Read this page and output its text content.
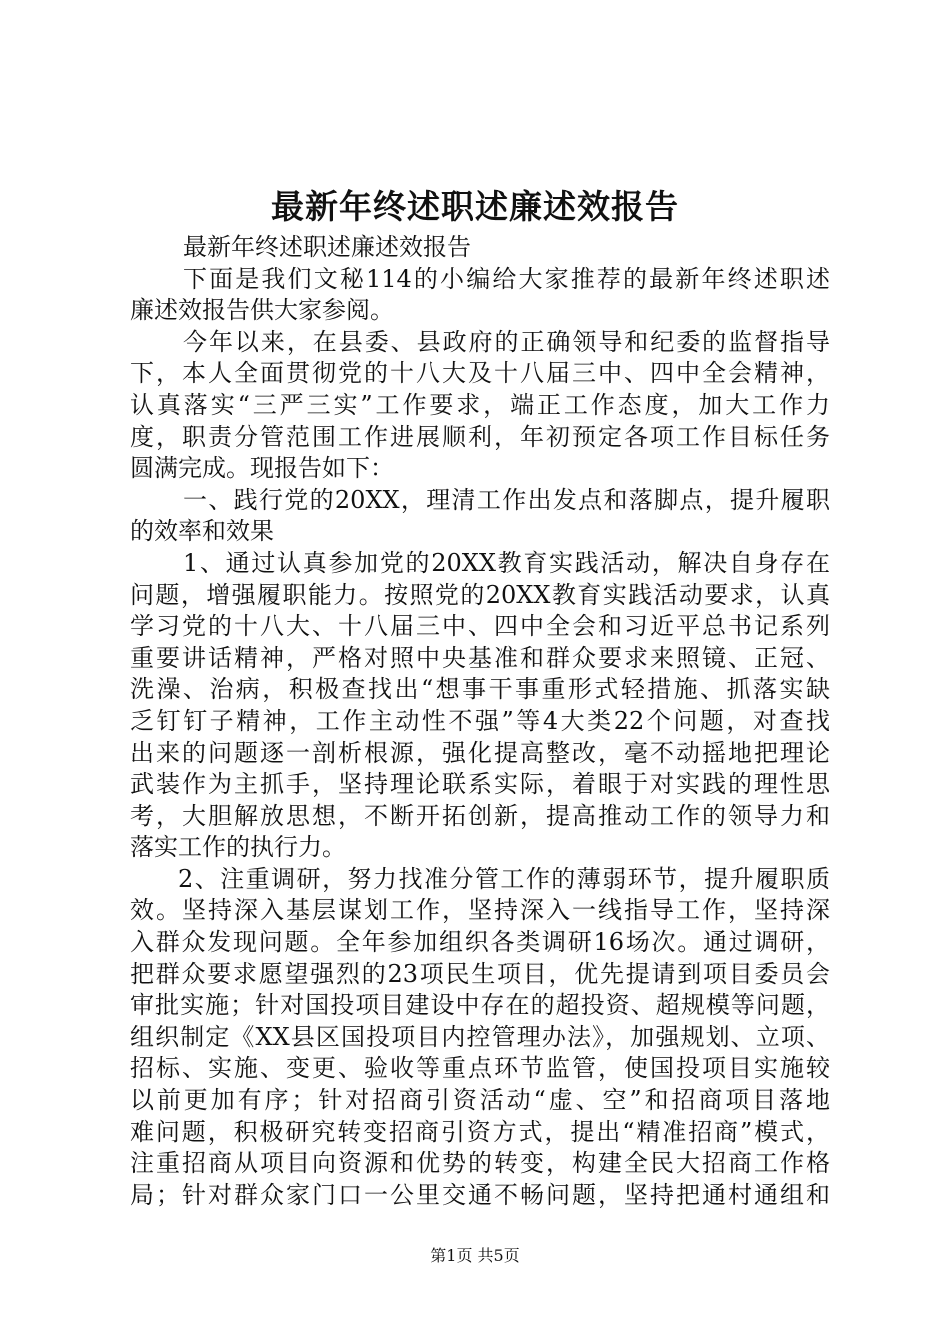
最新年终述职述廉述效报告
最新年终述职述廉述效报告
下面是我们文秘114的小编给大家推荐的最新年终述职述
廉述效报告供大家参阅。
今年以来，在县委、县政府的正确领导和纪委的监督指导
下，本人全面贯彻党的十八大及十八届三中、四中全会精神，
认真落实“三严三实”工作要求，端正工作态度，加大工作力
度，职责分管范围工作进展顺利，年初预定各项工作目标任务
圆满完成。现报告如下：
一、践行党的20XX，理清工作出发点和落脚点，提升履职
的效率和效果
1、通过认真参加党的20XX教育实践活动，解决自身存在
问题，增强履职能力。按照党的20XX教育实践活动要求，认真
学习党的十八大、十八届三中、四中全会和习近平总书记系列
重要讲话精神，严格对照中央基准和群众要求来照镜、正冠、
洗澡、治病，积极查找出“想事干事重形式轻措施、抓落实缺
乏钉钉子精神，工作主动性不强”等4大类22个问题，对查找
出来的问题逐一剖析根源，强化提高整改，毫不动摇地把理论
武装作为主抓手，坚持理论联系实际，着眼于对实践的理性思
考，大胆解放思想，不断开拓创新，提高推动工作的领导力和
落实工作的执行力。
2、注重调研，努力找准分管工作的薄弱环节，提升履职质
效。坚持深入基层谋划工作，坚持深入一线指导工作，坚持深
入群众发现问题。全年参加组织各类调研16场次。通过调研，
把群众要求愿望强烈的23项民生项目，优先提请到项目委员会
审批实施；针对国投项目建设中存在的超投资、超规模等问题，
组织制定《XX县区国投项目内控管理办法》，加强规划、立项、
招标、实施、变更、验收等重点环节监管，使国投项目实施较
以前更加有序；针对招商引资活动“虚、空”和招商项目落地
难问题，积极研究转变招商引资方式，提出“精准招商”模式，
注重招商从项目向资源和优势的转变，构建全民大招商工作格
局；针对群众家门口一公里交通不畅问题，坚持把通村通组和
第1页 共5页
